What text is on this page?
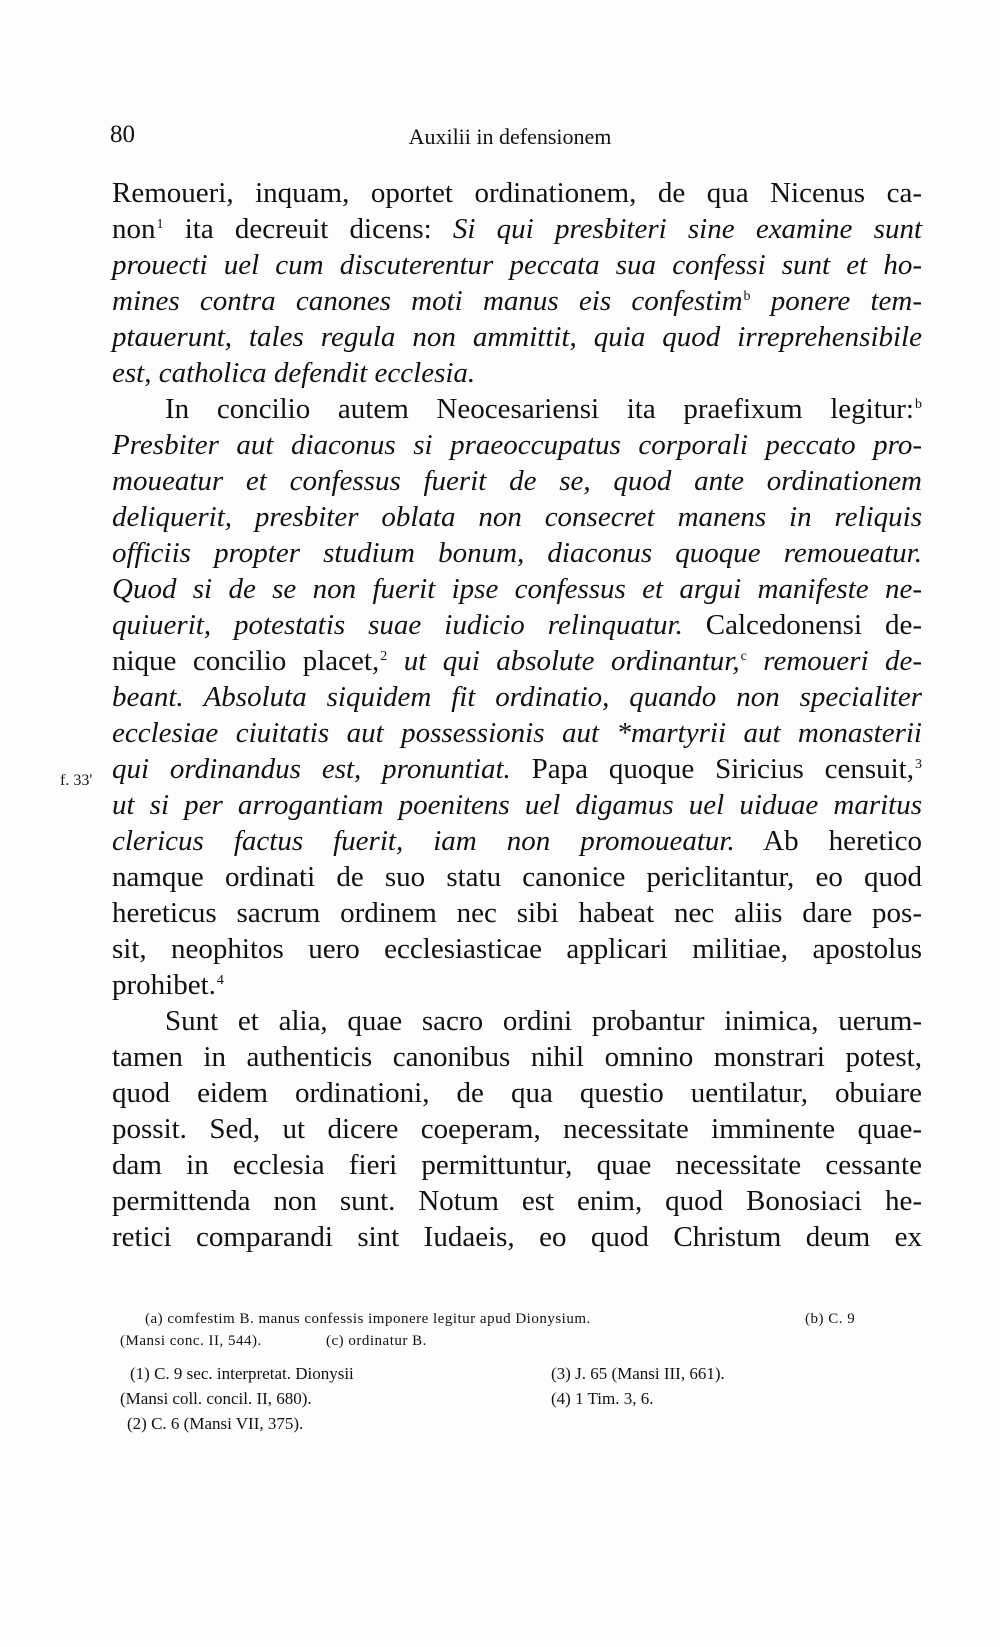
80	Auxilii in defensionem
Remoueri, inquam, oportet ordinationem, de qua Nicenus ca-
non$^1$ ita decreuit dicens: Si qui presbiteri sine examine sunt
prouecti uel cum discuterentur peccata sua confessi sunt et ho-
mines contra canones moti manus eis confestim$^b$ ponere tem-
ptauerunt, tales regula non ammittit, quia quod irreprehensibile
est, catholica defendit ecclesia.
In concilio autem Neocesariensi ita praefixum legitur:$^b$
Presbiter aut diaconus si praeoccupatus corporali peccato pro-
moueatur et confessus fuerit de se, quod ante ordinationem
deliquerit, presbiter oblata non consecret manens in reliquis
officiis propter studium bonum, diaconus quoque remoueatur.
Quod si de se non fuerit ipse confessus et argui manifeste ne-
quiuerit, potestatis suae iudicio relinquatur. Calcedonensi de-
nique concilio placet,$^2$ ut qui absolute ordinantur,$^c$ remoueri de-
beant. Absoluta siquidem fit ordinatio, quando non specialiter
ecclesiae ciuitatis aut possessionis aut *martyrii aut monasterii
qui ordinandus est, pronuntiat. Papa quoque Siricius censuit,$^3$
ut si per arrogantiam poenitens uel digamus uel uiduae maritus
clericus factus fuerit, iam non promoueatur. Ab heretico
namque ordinati de suo statu canonice periclitantur, eo quod
hereticus sacrum ordinem nec sibi habeat nec aliis dare pos-
sit, neophitos uero ecclesiasticae applicari militiae, apostolus
prohibet.$^4$
Sunt et alia, quae sacro ordini probantur inimica, uerum-
tamen in authenticis canonibus nihil omnino monstrari potest,
quod eidem ordinationi, de qua questio uentilatur, obuiare
possit. Sed, ut dicere coeperam, necessitate imminente quae-
dam in ecclesia fieri permittuntur, quae necessitate cessante
permittenda non sunt. Notum est enim, quod Bonosiaci he-
retici comparandi sint Iudaeis, eo quod Christum deum ex
f. 33'
(a) comfestim B. manus confessis imponere legitur apud Dionysium.	(b) C. 9
(Mansi conc. II, 544).	(c) ordinatur B.
(1) C. 9 sec. interpretat. Dionysii
(Mansi coll. concil. II, 680).
(2) C. 6 (Mansi VII, 375).
(3) J. 65 (Mansi III, 661).
(4) 1 Tim. 3, 6.
